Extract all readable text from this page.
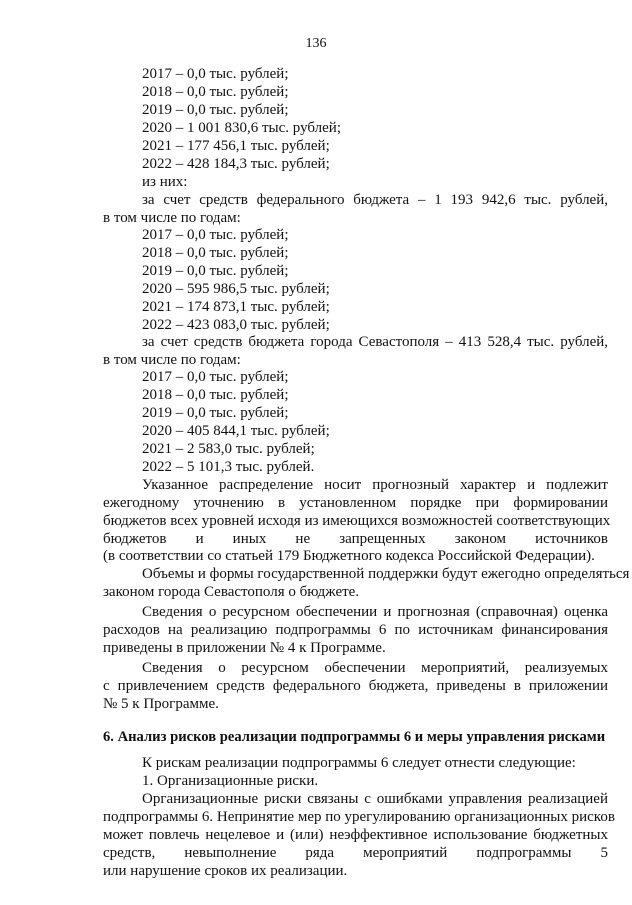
136
2017 – 0,0 тыс. рублей;
2018 – 0,0 тыс. рублей;
2019 – 0,0 тыс. рублей;
2020 – 1 001 830,6 тыс. рублей;
2021 – 177 456,1 тыс. рублей;
2022 – 428 184,3 тыс. рублей;
из них:
за счет средств федерального бюджета – 1 193 942,6 тыс. рублей,
в том числе по годам:
2017 – 0,0 тыс. рублей;
2018 – 0,0 тыс. рублей;
2019 – 0,0 тыс. рублей;
2020 – 595 986,5 тыс. рублей;
2021 – 174 873,1 тыс. рублей;
2022 – 423 083,0 тыс. рублей;
за счет средств бюджета города Севастополя – 413 528,4 тыс. рублей,
в том числе по годам:
2017 – 0,0 тыс. рублей;
2018 – 0,0 тыс. рублей;
2019 – 0,0 тыс. рублей;
2020 – 405 844,1 тыс. рублей;
2021 – 2 583,0 тыс. рублей;
2022 – 5 101,3 тыс. рублей.
Указанное распределение носит прогнозный характер и подлежит
ежегодному уточнению в установленном порядке при формировании
бюджетов всех уровней исходя из имеющихся возможностей соответствующих
бюджетов и иных не запрещенных законом источников
(в соответствии со статьей 179 Бюджетного кодекса Российской Федерации).
Объемы и формы государственной поддержки будут ежегодно определяться
законом города Севастополя о бюджете.
Сведения о ресурсном обеспечении и прогнозная (справочная) оценка
расходов на реализацию подпрограммы 6 по источникам финансирования
приведены в приложении № 4 к Программе.
Сведения о ресурсном обеспечении мероприятий, реализуемых
с привлечением средств федерального бюджета, приведены в приложении
№ 5 к Программе.
6. Анализ рисков реализации подпрограммы 6 и меры управления рисками
К рискам реализации подпрограммы 6 следует отнести следующие:
1. Организационные риски.
Организационные риски связаны с ошибками управления реализацией
подпрограммы 6. Непринятие мер по урегулированию организационных рисков
может повлечь нецелевое и (или) неэффективное использование бюджетных
средств, невыполнение ряда мероприятий подпрограммы 5
или нарушение сроков их реализации.
